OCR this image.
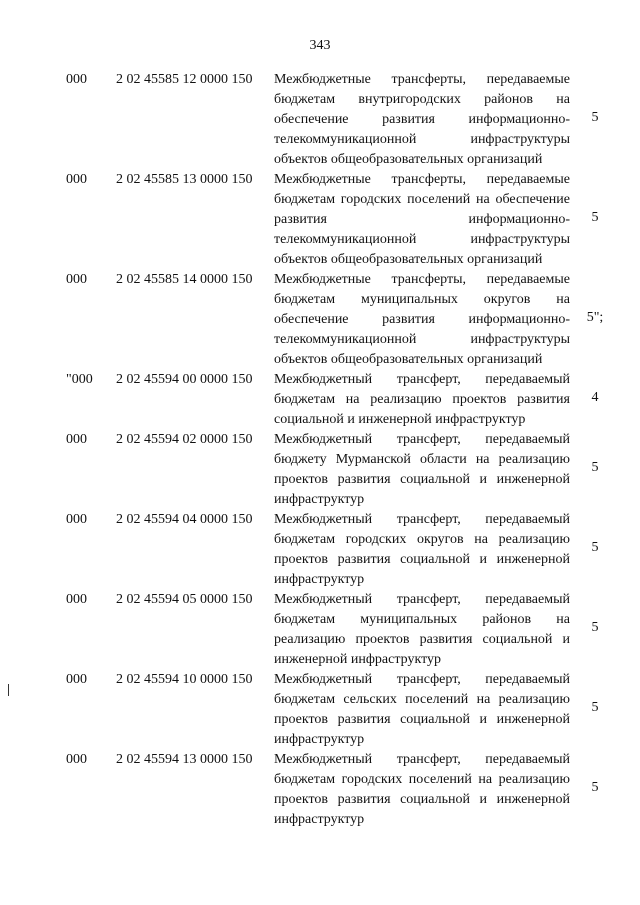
343
000 2 02 45585 12 0000 150 Межбюджетные трансферты, передаваемые бюджетам внутригородских районов на обеспечение развития информационно-телекоммуникационной инфраструктуры объектов общеобразовательных организаций
5
000 2 02 45585 13 0000 150 Межбюджетные трансферты, передаваемые бюджетам городских поселений на обеспечение развития информационно-телекоммуникационной инфраструктуры объектов общеобразовательных организаций
5
000 2 02 45585 14 0000 150 Межбюджетные трансферты, передаваемые бюджетам муниципальных округов на обеспечение развития информационно-телекоммуникационной инфраструктуры объектов общеобразовательных организаций
5";
"000 2 02 45594 00 0000 150 Межбюджетный трансферт, передаваемый бюджетам на реализацию проектов развития социальной и инженерной инфраструктур
4
000 2 02 45594 02 0000 150 Межбюджетный трансферт, передаваемый бюджету Мурманской области на реализацию проектов развития социальной и инженерной инфраструктур
5
000 2 02 45594 04 0000 150 Межбюджетный трансферт, передаваемый бюджетам городских округов на реализацию проектов развития социальной и инженерной инфраструктур
5
000 2 02 45594 05 0000 150 Межбюджетный трансферт, передаваемый бюджетам муниципальных районов на реализацию проектов развития социальной и инженерной инфраструктур
5
000 2 02 45594 10 0000 150 Межбюджетный трансферт, передаваемый бюджетам сельских поселений на реализацию проектов развития социальной и инженерной инфраструктур
5
000 2 02 45594 13 0000 150 Межбюджетный трансферт, передаваемый бюджетам городских поселений на реализацию проектов развития социальной и инженерной инфраструктур
5
